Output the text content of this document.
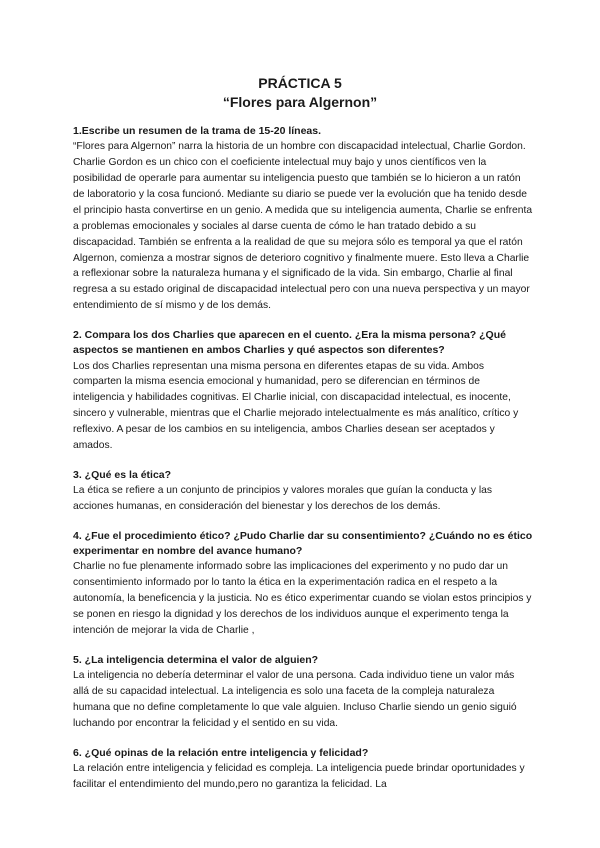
PRÁCTICA 5

“Flores para Algernon”

1.Escribe un resumen de la trama de 15-20 líneas.

“Flores para Algernon” narra la historia de un hombre con discapacidad intelectual, Charlie Gordon. Charlie Gordon es un chico con el coeficiente intelectual muy bajo y unos científicos ven la posibilidad de operarle para aumentar su inteligencia puesto que también se lo hicieron a un ratón de laboratorio y la cosa funcionó. Mediante su diario se puede ver la evolución que ha tenido desde el principio hasta convertirse en un genio. A medida que su inteligencia aumenta, Charlie se enfrenta a problemas emocionales y sociales al darse cuenta de cómo le han tratado debido a su discapacidad. También se enfrenta a la realidad de que su mejora sólo es temporal ya que el ratón Algernon, comienza a mostrar signos de deterioro cognitivo y finalmente muere. Esto lleva a Charlie a reflexionar sobre la naturaleza humana y el significado de la vida. Sin embargo, Charlie al final regresa a su estado original de discapacidad intelectual pero con una nueva perspectiva y un mayor entendimiento de sí mismo y de los demás.

2. Compara los dos Charlies que aparecen en el cuento. ¿Era la misma persona? ¿Qué aspectos se mantienen en ambos Charlies y qué aspectos son diferentes?

Los dos Charlies representan una misma persona en diferentes etapas de su vida. Ambos comparten la misma esencia emocional y humanidad, pero se diferencian en términos de inteligencia y habilidades cognitivas. El Charlie inicial, con discapacidad intelectual, es inocente, sincero y vulnerable, mientras que el Charlie mejorado intelectualmente es más analítico, crítico y reflexivo. A pesar de los cambios en su inteligencia, ambos Charlies desean ser aceptados y amados.

3. ¿Qué es la ética?

La ética se refiere a un conjunto de principios y valores morales que guían la conducta y las acciones humanas, en consideración del bienestar y los derechos de los demás.

4. ¿Fue el procedimiento ético? ¿Pudo Charlie dar su consentimiento? ¿Cuándo no es ético experimentar en nombre del avance humano?

Charlie no fue plenamente informado sobre las implicaciones del experimento y no pudo dar un consentimiento informado por lo tanto la ética en la experimentación radica en el respeto a la autonomía, la beneficencia y la justicia. No es ético experimentar cuando se violan estos principios y se ponen en riesgo la dignidad y los derechos de los individuos aunque el experimento tenga la intención de mejorar la vida de Charlie ,

5. ¿La inteligencia determina el valor de alguien?

La inteligencia no debería determinar el valor de una persona. Cada individuo tiene un valor más allá de su capacidad intelectual. La inteligencia es solo una faceta de la compleja naturaleza humana que no define completamente lo que vale alguien. Incluso Charlie siendo un genio siguió luchando por encontrar la felicidad y el sentido en su vida.

6. ¿Qué opinas de la relación entre inteligencia y felicidad?

La relación entre inteligencia y felicidad es compleja. La inteligencia puede brindar oportunidades y facilitar el entendimiento del mundo,pero no garantiza la felicidad. La
